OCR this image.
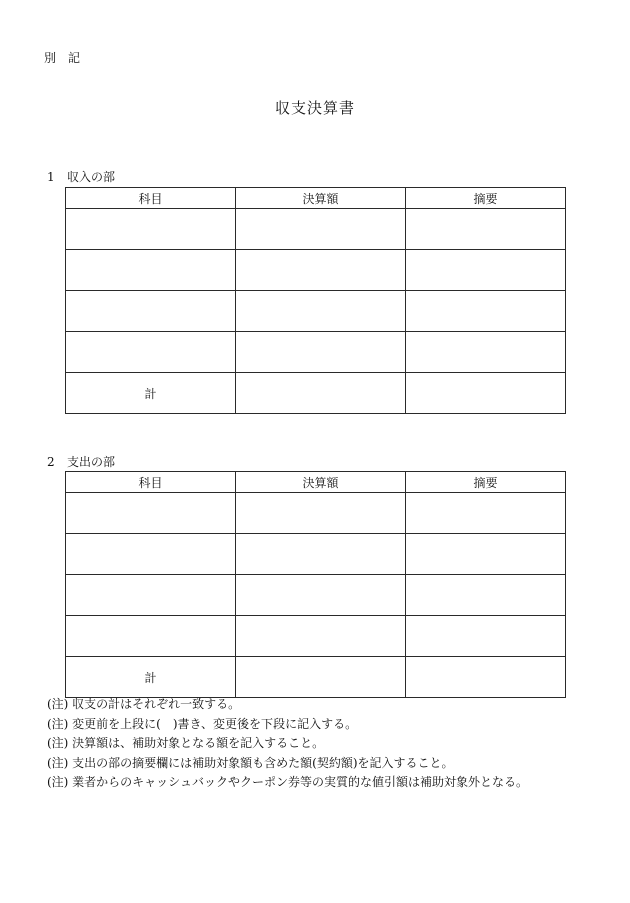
別　記
収支決算書
1 収入の部
科目	決算額	摘要

計		
2 支出の部
科目	決算額	摘要

計		
(注) 収支の計はそれぞれ一致する。
(注) 変更前を上段に(　)書き、変更後を下段に記入する。
(注) 決算額は、補助対象となる額を記入すること。
(注) 支出の部の摘要欄には補助対象額も含めた額(契約額)を記入すること。
(注) 業者からのキャッシュバックやクーポン券等の実質的な値引額は補助対象外となる。
